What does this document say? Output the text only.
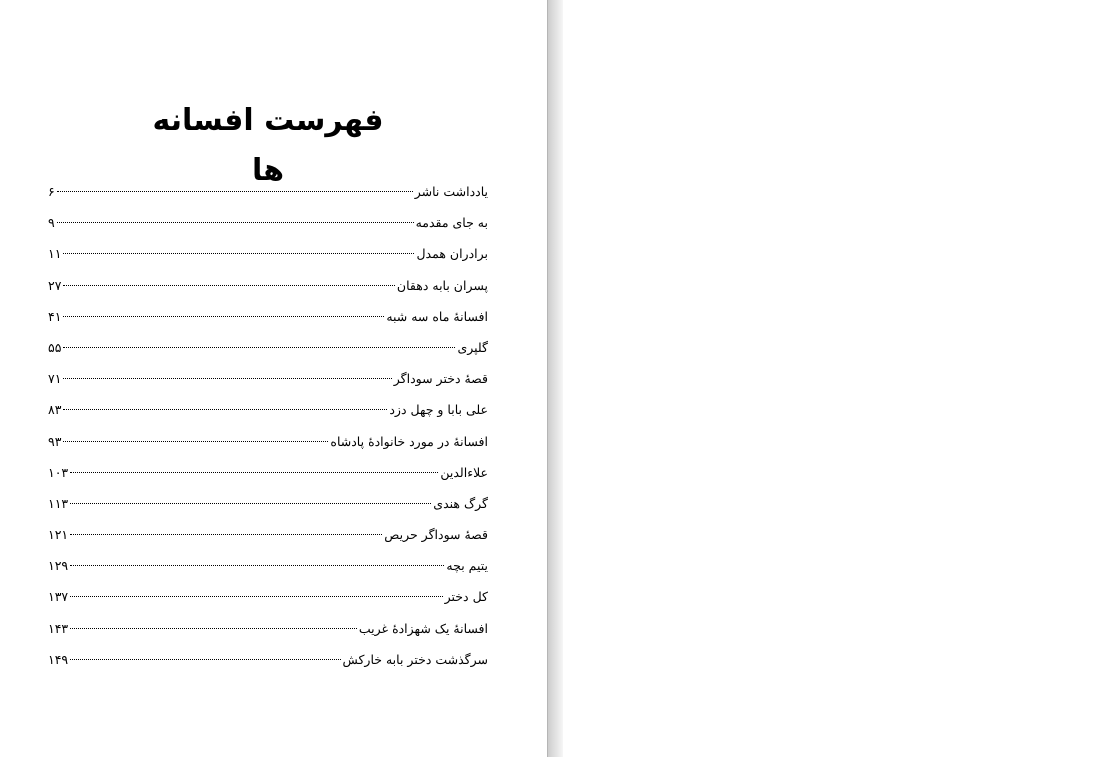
فهرست افسانه ها
یادداشت ناشر
۶
به جای مقدمه
۹
برادران همدل
۱۱
پسران بابه دهقان
۲۷
افسانۀ ماه سه شبه
۴۱
گلپری
۵۵
قصۀ دختر سوداگر
۷۱
علی بابا و چهل دزد
۸۳
افسانۀ در مورد خانوادۀ پادشاه
۹۳
علاءالدین
۱۰۳
گرگ هندی
۱۱۳
قصۀ سوداگر حریص
۱۲۱
یتیم بچه
۱۲۹
کل دختر
۱۳۷
افسانۀ یک شهزادۀ غریب
۱۴۳
سرگذشت دختر بابه خارکش
۱۴۹
